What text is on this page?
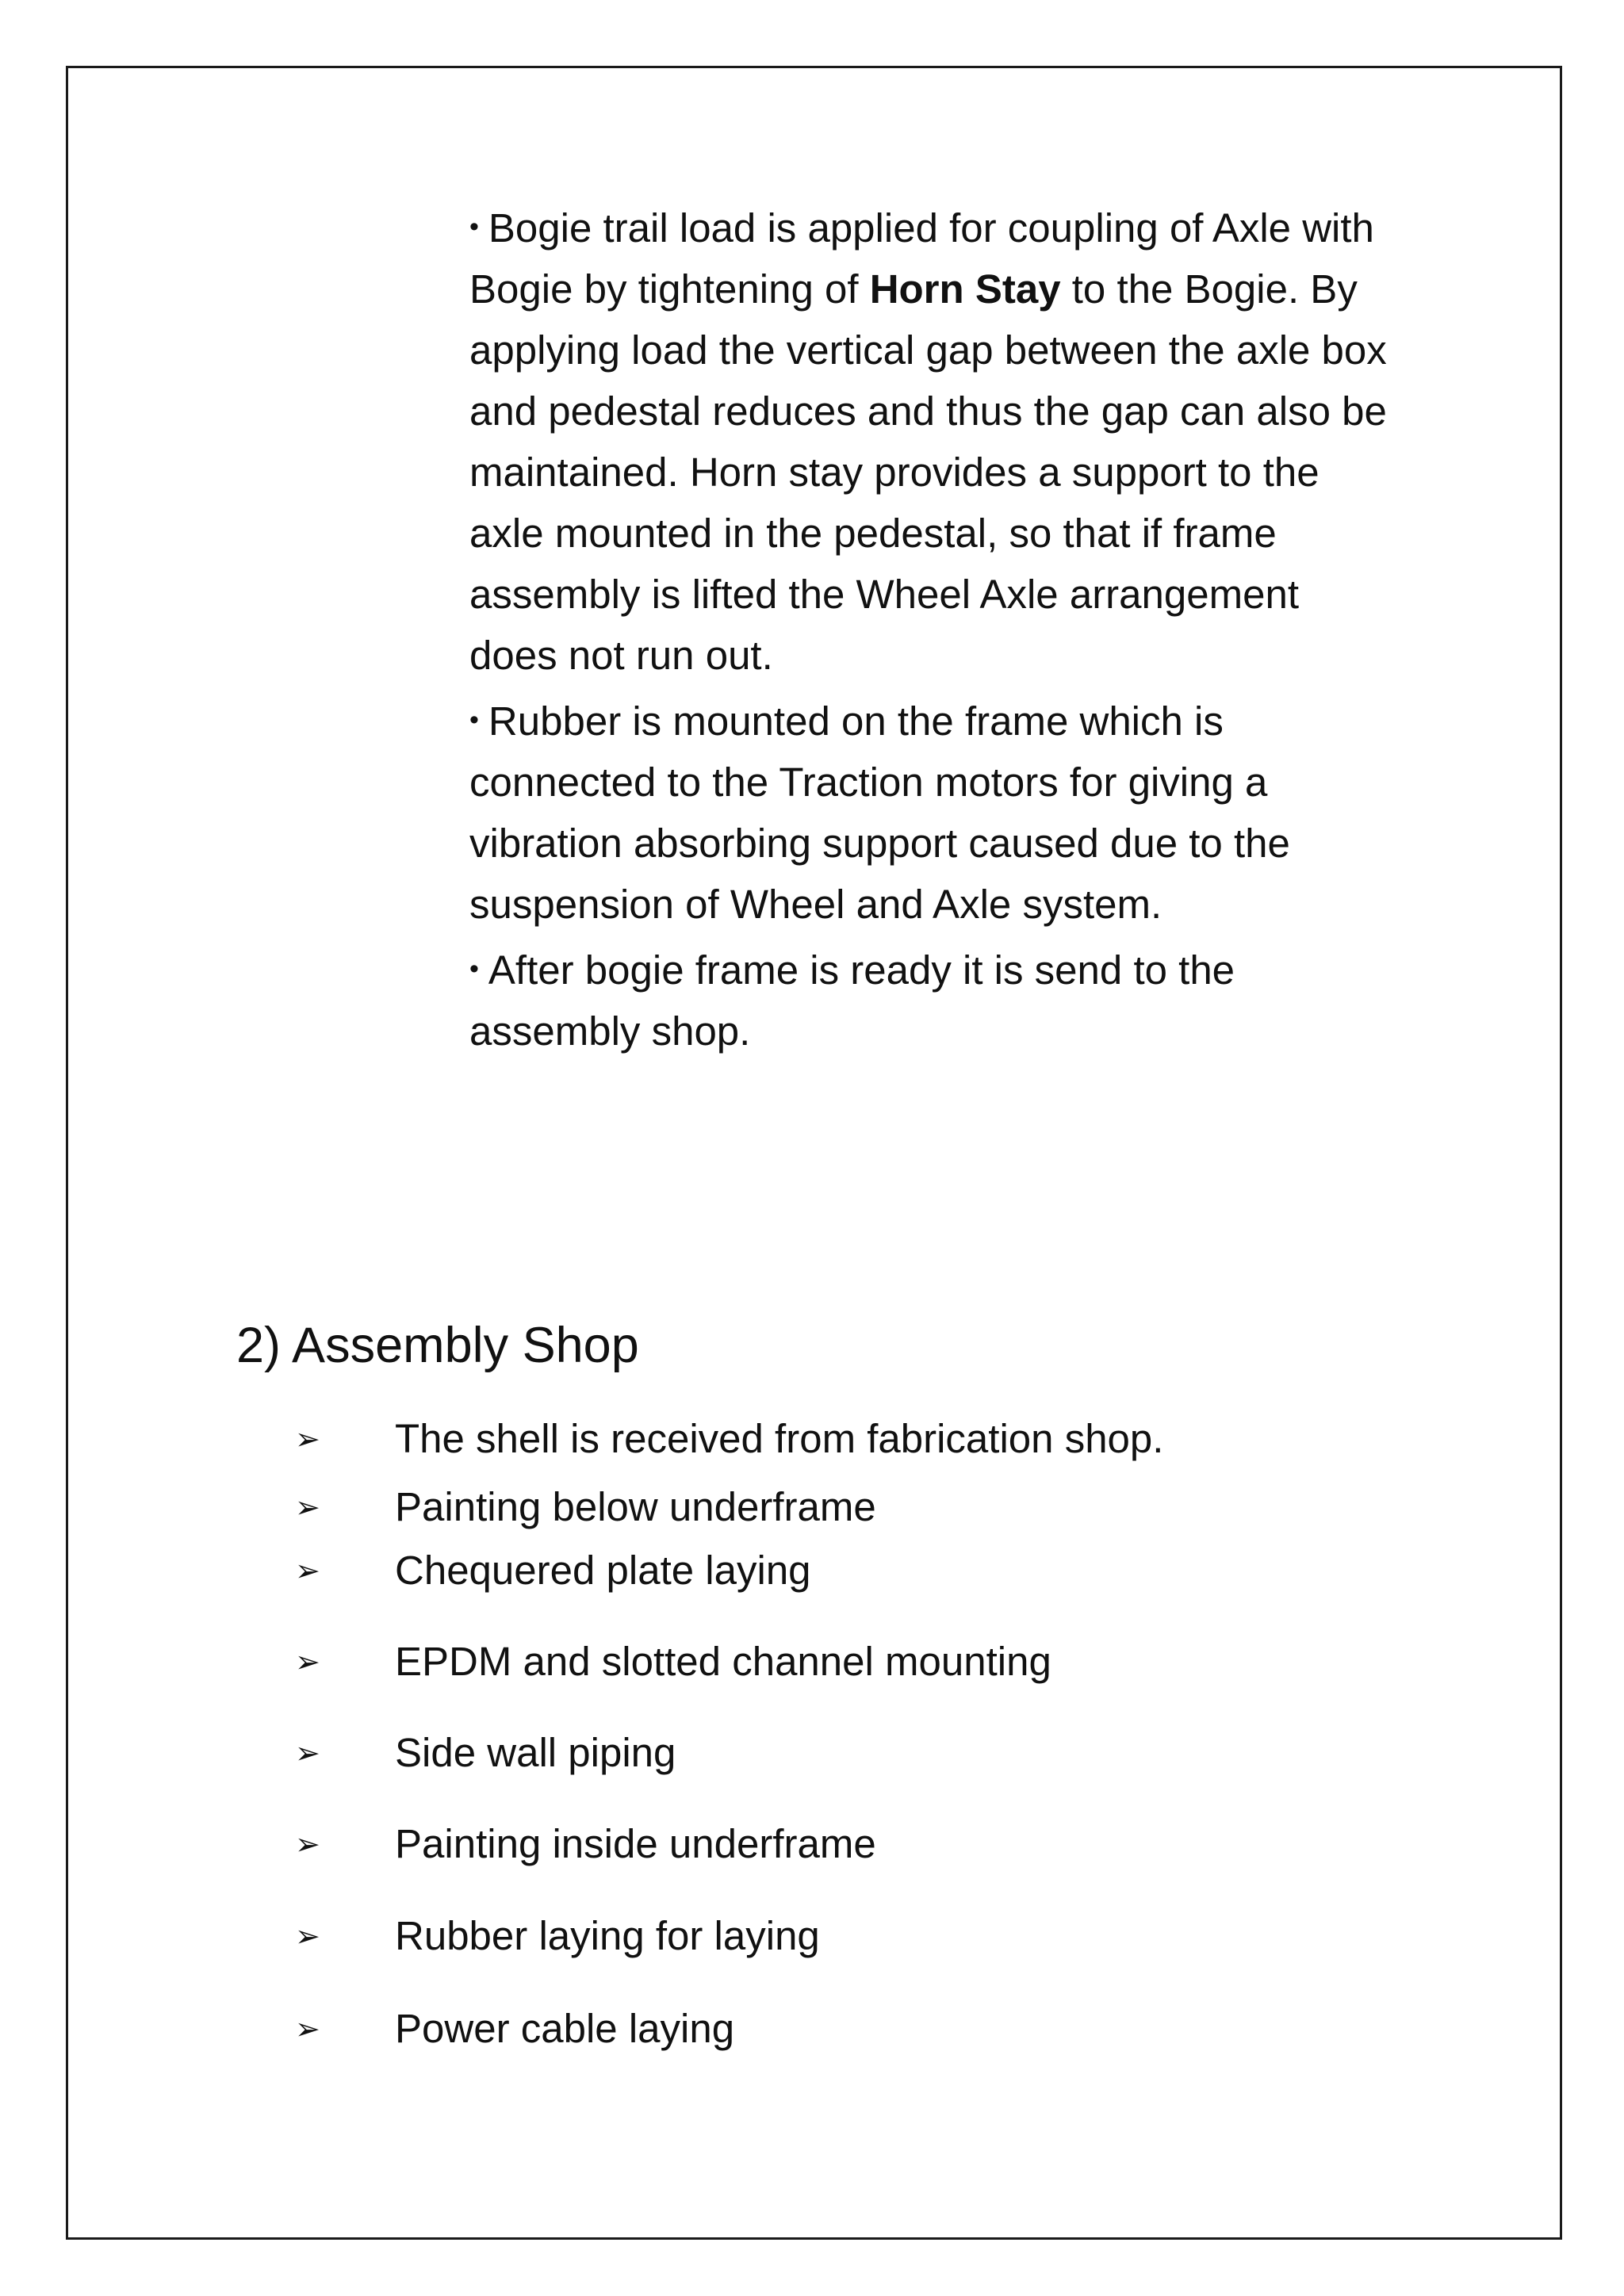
• Bogie trail load is applied for coupling of Axle with Bogie by tightening of Horn Stay to the Bogie. By applying load the vertical gap between the axle box and pedestal reduces and thus the gap can also be maintained. Horn stay provides a support to the axle mounted in the pedestal, so that if frame assembly is lifted the Wheel Axle arrangement does not run out.

• Rubber is mounted on the frame which is connected to the Traction motors for giving a vibration absorbing support caused due to the suspension of Wheel and Axle system.

• After bogie frame is ready it is send to the assembly shop.

2) Assembly Shop
➢ The shell is received from fabrication shop.
➢ Painting below underframe
➢ Chequered plate laying
➢ EPDM and slotted channel mounting
➢ Side wall piping
➢ Painting inside underframe
➢ Rubber laying for laying
➢ Power cable laying
